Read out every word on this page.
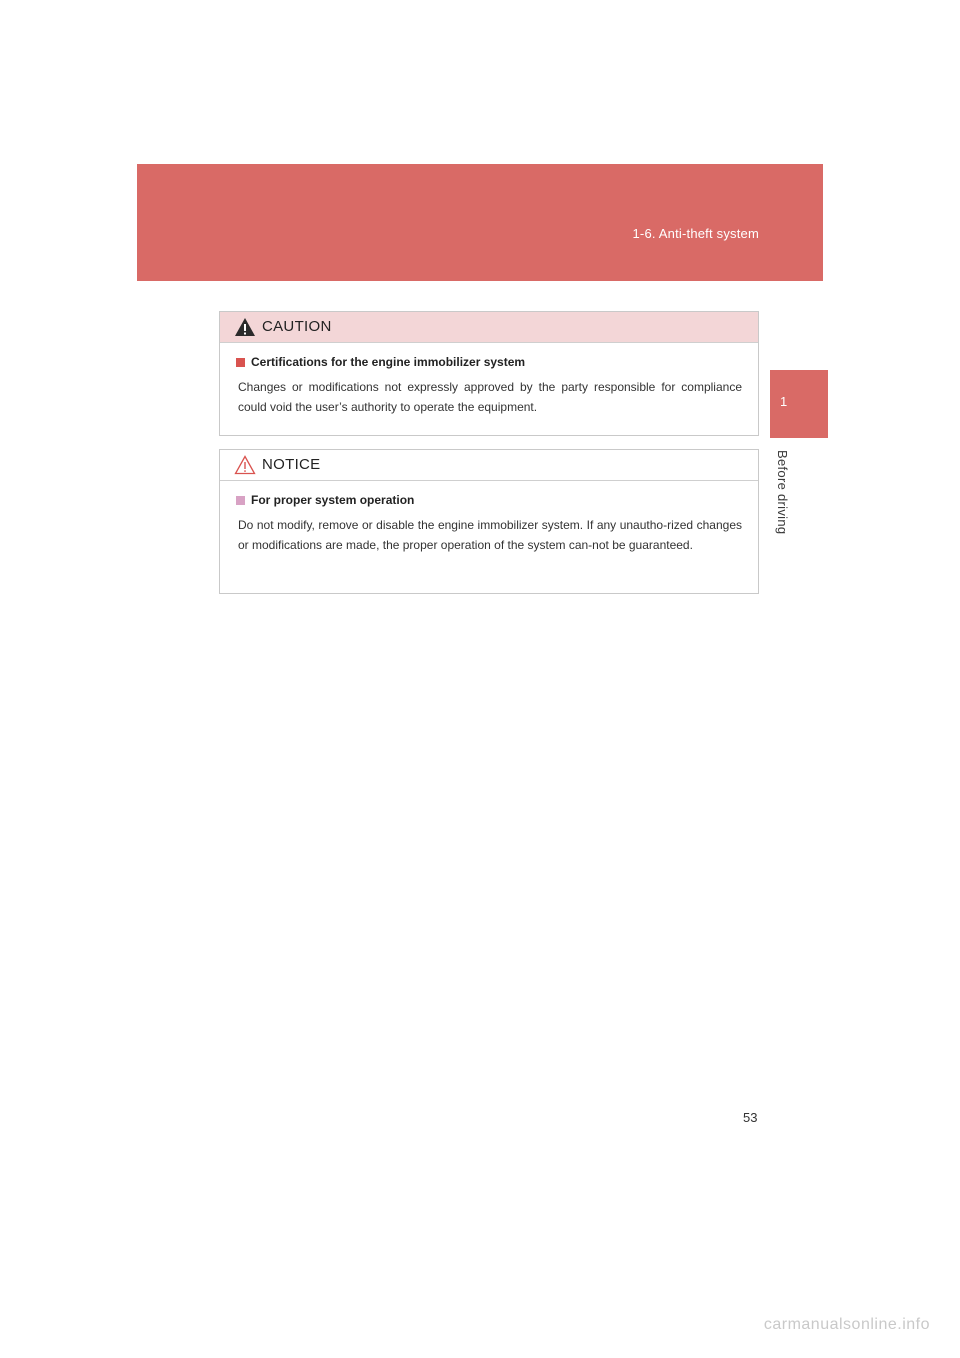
1-6. Anti-theft system
1
Before driving
CAUTION
Certifications for the engine immobilizer system
Changes or modifications not expressly approved by the party responsible for compliance could void the user’s authority to operate the equipment.
NOTICE
For proper system operation
Do not modify, remove or disable the engine immobilizer system. If any unautho-rized changes or modifications are made, the proper operation of the system can-not be guaranteed.
53
carmanualsonline.info
